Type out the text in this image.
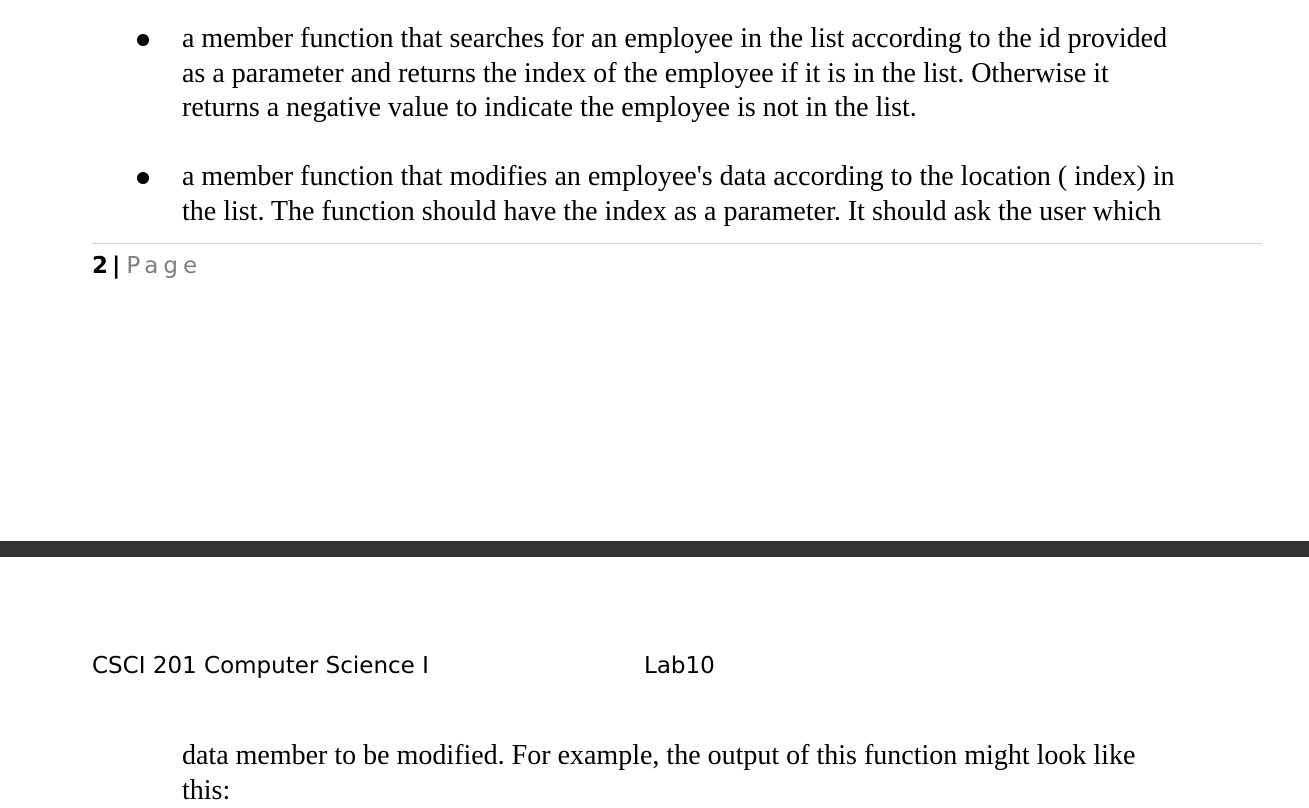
a member function that searches for an employee in the list according to the id provided
as a parameter and returns the index of the employee if it is in the list. Otherwise it
returns a negative value to indicate the employee is not in the list.
a member function that modifies an employee's data according to the location ( index) in
the list. The function should have the index as a parameter. It should ask the user which
2 | Page
CSCI 201 Computer Science I	Lab10
data member to be modified. For example, the output of this function might look like
this:
